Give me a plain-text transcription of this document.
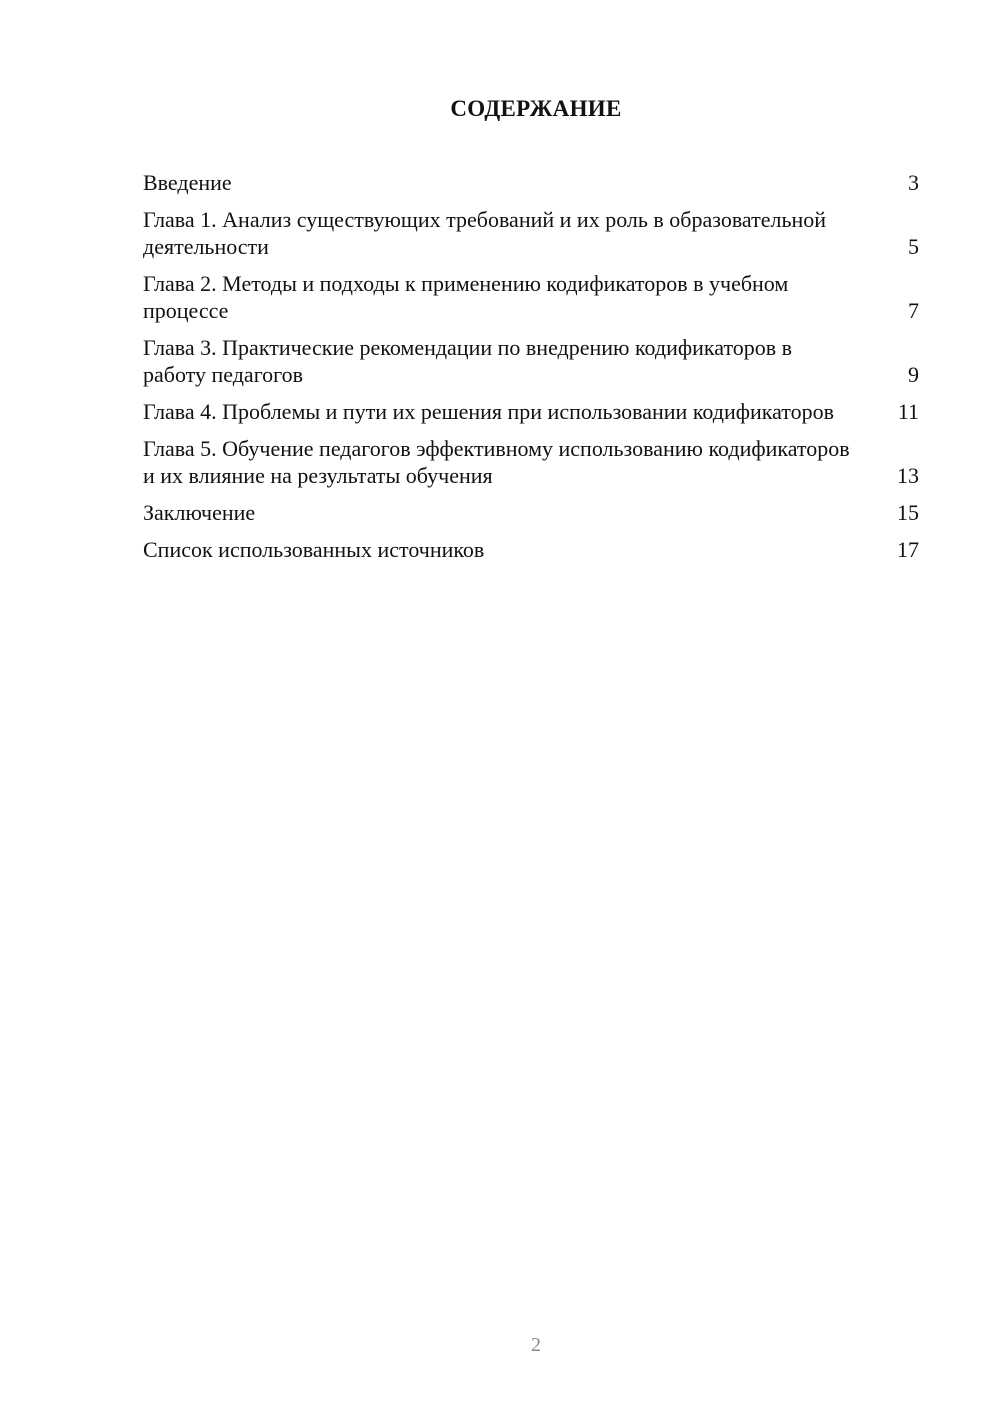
СОДЕРЖАНИЕ
Введение	3
Глава 1. Анализ существующих требований и их роль в образовательной деятельности	5
Глава 2. Методы и подходы к применению кодификаторов в учебном процессе	7
Глава 3. Практические рекомендации по внедрению кодификаторов в работу педагогов	9
Глава 4. Проблемы и пути их решения при использовании кодификаторов	11
Глава 5. Обучение педагогов эффективному использованию кодификаторов и их влияние на результаты обучения	13
Заключение	15
Список использованных источников	17
2
